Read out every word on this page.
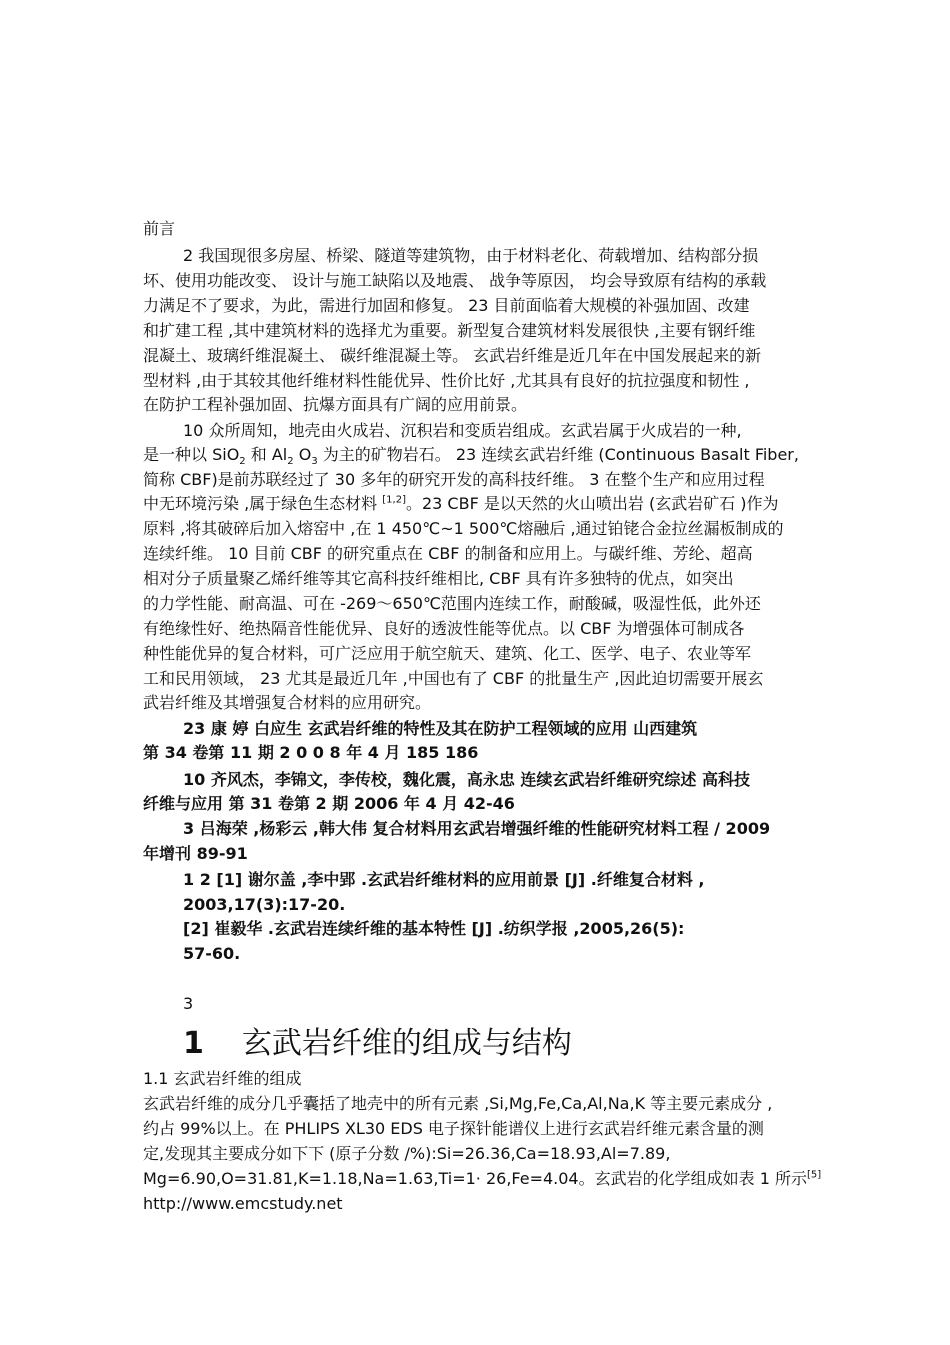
前言
2 我国现很多房屋、桥梁、隧道等建筑物，由于材料老化、荷载增加、结构部分损
坏、使用功能改变、 设计与施工缺陷以及地震、 战争等原因， 均会导致原有结构的承载
力满足不了要求，为此，需进行加固和修复。 23 目前面临着大规模的补强加固、改建
和扩建工程 ,其中建筑材料的选择尤为重要。新型复合建筑材料发展很快 ,主要有钢纤维
混凝土、玻璃纤维混凝土、 碳纤维混凝土等。 玄武岩纤维是近几年在中国发展起来的新
型材料 ,由于其较其他纤维材料性能优异、性价比好 ,尤其具有良好的抗拉强度和韧性 ,
在防护工程补强加固、抗爆方面具有广阔的应用前景。
10 众所周知，地壳由火成岩、沉积岩和变质岩组成。玄武岩属于火成岩的一种,
是一种以 SiO$_2$ 和 $Al_2$ $O_3$ 为主的矿物岩石。 23 连续玄武岩纤维 (Continuous Basalt Fiber,
简称 CBF)是前苏联经过了 30 多年的研究开发的高科技纤维。 3 在整个生产和应用过程
中无环境污染 ,属于绿色生态材料 [1,2]。23 CBF 是以天然的火山喷出岩 (玄武岩矿石 )作为
原料 ,将其破碎后加入熔窑中 ,在 1 450℃~1 500℃熔融后 ,通过铂铑合金拉丝漏板制成的
连续纤维。 10 目前 CBF 的研究重点在 CBF 的制备和应用上。与碳纤维、芳纶、超高
相对分子质量聚乙烯纤维等其它高科技纤维相比, CBF 具有许多独特的优点，如突出
的力学性能、耐高温、可在 -269～650℃范围内连续工作，耐酸碱，吸湿性低，此外还
有绝缘性好、绝热隔音性能优异、良好的透波性能等优点。以 CBF 为增强体可制成各
种性能优异的复合材料，可广泛应用于航空航天、建筑、化工、医学、电子、农业等军
工和民用领域， 23 尤其是最近几年 ,中国也有了 CBF 的批量生产 ,因此迫切需要开展玄
武岩纤维及其增强复合材料的应用研究。
23 康 婷 白应生 玄武岩纤维的特性及其在防护工程领域的应用 山西建筑
第 34 卷第 11 期 2 0 0 8 年 4 月 185 186
10 齐风杰，李锦文，李传校，魏化震，高永忠 连续玄武岩纤维研究综述 高科技
纤维与应用 第 31 卷第 2 期 2006 年 4 月 42-46
3 吕海荣 ,杨彩云 ,韩大伟 复合材料用玄武岩增强纤维的性能研究材料工程 / 2009
年增刊 89-91
1 2 [1] 谢尔盖 ,李中郢 .玄武岩纤维材料的应用前景 [J] .纤维复合材料 ,
2003,17(3):17-20.
[2] 崔毅华 .玄武岩连续纤维的基本特性 [J] .纺织学报 ,2005,26(5):
57-60.
3
1 玄武岩纤维的组成与结构
1.1 玄武岩纤维的组成
玄武岩纤维的成分几乎囊括了地壳中的所有元素 ,Si,Mg,Fe,Ca,Al,Na,K 等主要元素成分 ,
约占 99%以上。在 PHLIPS XL30 EDS 电子探针能谱仪上进行玄武岩纤维元素含量的测
定,发现其主要成分如下下 (原子分数 /%):Si=26.36,Ca=18.93,Al=7.89,
Mg=6.90,O=31.81,K=1.18,Na=1.63,Ti=1· 26,Fe=4.04。玄武岩的化学组成如表 1 所示[5]
http://www.emcstudy.net
